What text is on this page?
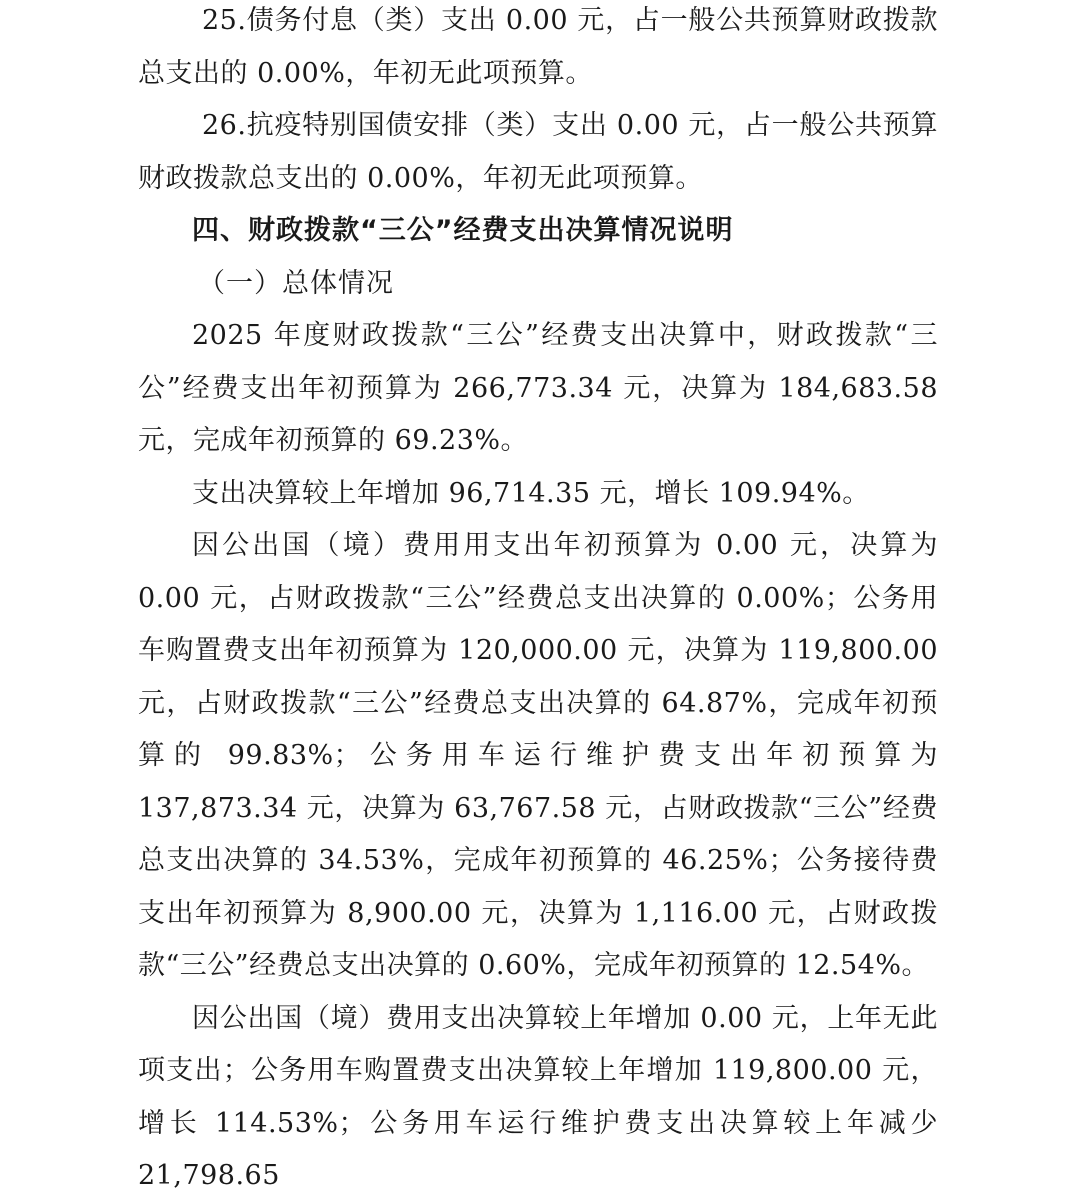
25.债务付息（类）支出 0.00 元，占一般公共预算财政拨款总支出的 0.00%，年初无此项预算。

26.抗疫特别国债安排（类）支出 0.00 元，占一般公共预算财政拨款总支出的 0.00%，年初无此项预算。

四、财政拨款“三公”经费支出决算情况说明

（一）总体情况

2025 年度财政拨款“三公”经费支出决算中，财政拨款“三公”经费支出年初预算为 266,773.34 元，决算为 184,683.58 元，完成年初预算的 69.23%。

支出决算较上年增加 96,714.35 元，增长 109.94%。

因公出国（境）费用用支出年初预算为 0.00 元，决算为 0.00 元，占财政拨款“三公”经费总支出决算的 0.00%；公务用车购置费支出年初预算为 120,000.00 元，决算为 119,800.00 元，占财政拨款“三公”经费总支出决算的 64.87%，完成年初预算的 99.83%；公务用车运行维护费支出年初预算为 137,873.34 元，决算为 63,767.58 元，占财政拨款“三公”经费总支出决算的 34.53%，完成年初预算的 46.25%；公务接待费支出年初预算为 8,900.00 元，决算为 1,116.00 元，占财政拨款“三公”经费总支出决算的 0.60%，完成年初预算的 12.54%。

因公出国（境）费用支出决算较上年增加 0.00 元，上年无此项支出；公务用车购置费支出决算较上年增加 119,800.00 元，增长 114.53%；公务用车运行维护费支出决算较上年减少 21,798.65
